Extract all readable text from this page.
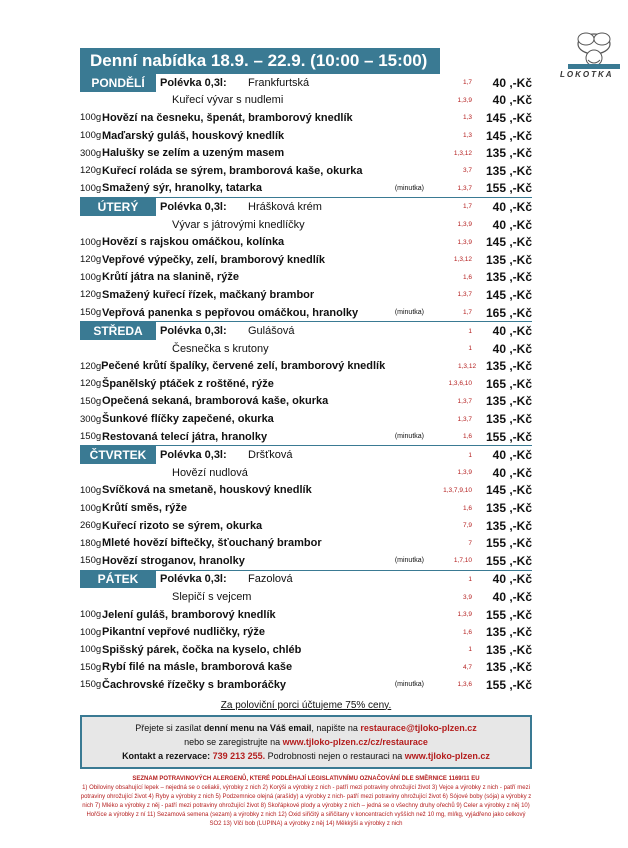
Denní nabídka 18.9. – 22.9. (10:00 – 15:00)
LOKOTKA
PONDĚLÍ	Polévka 0,3l:	Frankfurtská	1,7	40 ,-Kč
Kuřecí vývar s nudlemi	1,3,9	40 ,-Kč
100g Hovězí na česneku, špenát, bramborový knedlík	1,3	145 ,-Kč
100g Maďarský guláš, houskový knedlík	1,3	145 ,-Kč
300g Halušky se zelím a uzeným masem	1,3,12	135 ,-Kč
120g Kuřecí roláda se sýrem, bramborová kaše, okurka	3,7	135 ,-Kč
100g Smažený sýr, hranolky, tatarka	(minutka)	1,3,7	155 ,-Kč
ÚTERÝ	Polévka 0,3l:	Hrášková krém	1,7	40 ,-Kč
Vývar s játrovými knedlíčky	1,3,9	40 ,-Kč
100g Hovězí s rajskou omáčkou, kolínka	1,3,9	145 ,-Kč
120g Vepřové výpečky, zelí, bramborový knedlík	1,3,12	135 ,-Kč
100g Krůtí játra na slanině, rýže	1,6	135 ,-Kč
120g Smažený kuřecí řízek, mačkaný brambor	1,3,7	145 ,-Kč
150g Vepřová panenka s pepřovou omáčkou, hranolky	(minutka)	1,7	165 ,-Kč
STŘEDA	Polévka 0,3l:	Gulášová	1	40 ,-Kč
Česnečka s krutony	1	40 ,-Kč
120g Pečené krůtí špalíky, červené zelí, bramborový knedlík	1,3,12 135 ,-Kč
120g Španělský ptáček z roštěné, rýže	1,3,6,10	165 ,-Kč
150g Opečená sekaná, bramborová kaše, okurka	1,3,7	135 ,-Kč
300g Šunkové flíčky zapečené, okurka	1,3,7	135 ,-Kč
150g Restovaná telecí játra, hranolky	(minutka)	1,6	155 ,-Kč
ČTVRTEK	Polévka 0,3l:	Dršťková	1	40 ,-Kč
Hovězí nudlová	1,3,9	40 ,-Kč
100g Svíčková na smetaně, houskový knedlík	1,3,7,9,10	145 ,-Kč
100g Krůtí směs, rýže	1,6	135 ,-Kč
260g Kuřecí rizoto se sýrem, okurka	7,9	135 ,-Kč
180g Mleté hovězí biftečky, šťouchaný brambor	7	155 ,-Kč
150g Hovězí stroganov, hranolky	(minutka)	1,7,10	155 ,-Kč
PÁTEK	Polévka 0,3l:	Fazolová	1	40 ,-Kč
Slepičí s vejcem	3,9	40 ,-Kč
100g Jelení guláš, bramborový knedlík	1,3,9	155 ,-Kč
100g Pikantní vepřové nudličky, rýže	1,6	135 ,-Kč
100g Spišský párek, čočka na kyselo, chléb	1	135 ,-Kč
150g Rybí filé na másle, bramborová kaše	4,7	135 ,-Kč
150g Čachrovské řízečky s bramboráčky	(minutka)	1,3,6	155 ,-Kč
Za poloviční porci účtujeme 75% ceny.
Přejete si zasílat denní menu na Váš email, napište na restaurace@tjloko-plzen.cz
nebo se zaregistrujte na www.tjloko-plzen.cz/cz/restaurace
Kontakt a rezervace: 739 213 255. Podrobnosti nejen o restauraci na www.tjloko-plzen.cz
SEZNAM POTRAVINOVÝCH ALERGENŮ, KTERÉ PODLÉHAJÍ LEGISLATIVNÍMU OZNAČOVÁNÍ DLE SMĚRNICE 1169/11 EU
1) Obiloviny obsahující lepek – nejedná se o celiakii, výrobky z nich 2) Korýši a výrobky z nich - patří mezi potraviny ohrožující život 3) Vejce a výrobky z nich - patří mezi potraviny ohrožující život 4) Ryby a výrobky z nich 5) Podzemnice olejná (arašídy) a výrobky z nich- patří mezi potraviny ohrožující život 6) Sójové boby (sója) a výrobky z nich 7) Mléko a výrobky z něj - patří mezi potraviny ohrožující život 8) Skořápkové plody a výrobky z nich – jedná se o všechny druhy ořechů 9) Celer a výrobky z něj 10) Hořčice a výrobky z ní 11) Sezamová semena (sezam) a výrobky z nich 12) Oxid siřičitý a siřičitany v koncentracích vyšších než 10 mg, ml/kg, vyjádřeno jako celkový SO2 13) Vlčí bob (LUPINA) a výrobky z něj 14) Měkkýši a výrobky z nich
